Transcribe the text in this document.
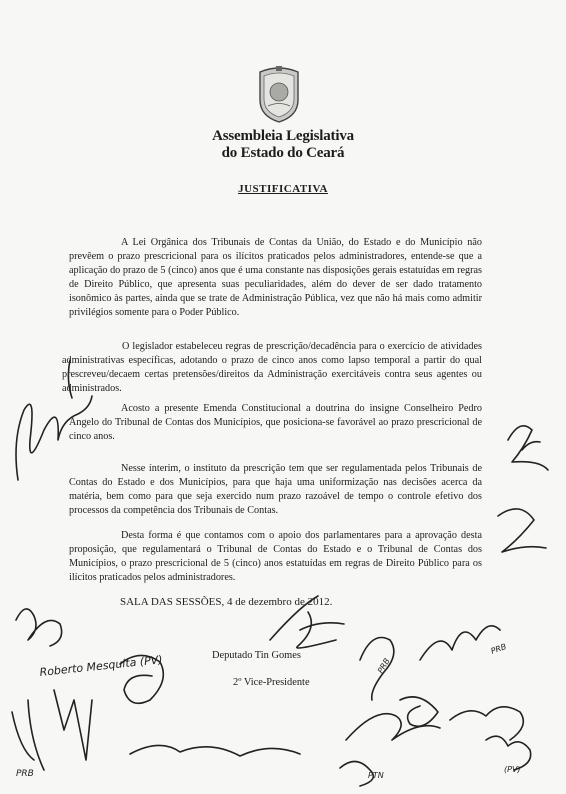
Assembleia Legislativa
do Estado do Ceará
JUSTIFICATIVA

A Lei Orgânica dos Tribunais de Contas da União, do Estado e do Município não prevêem o prazo prescricional para os ilícitos praticados pelos administradores, entende-se que a aplicação do prazo de 5 (cinco) anos que é uma constante nas disposições gerais estatuídas em regras de Direito Público, que apresenta suas peculiaridades, além do dever de ser dado tratamento isonômico às partes, ainda que se trate de Administração Pública, vez que não há mais como admitir privilégios somente para o Poder Público.

O legislador estabeleceu regras de prescrição/decadência para o exercício de atividades administrativas específicas, adotando o prazo de cinco anos como lapso temporal a partir do qual prescreveu/decaem certas pretensões/direitos da Administração exercitáveis contra seus agentes ou administrados.

Acosto a presente Emenda Constitucional a doutrina do insigne Conselheiro Pedro Ângelo do Tribunal de Contas dos Municípios, que posiciona-se favorável ao prazo prescricional de cinco anos.

Nesse ínterim, o instituto da prescrição tem que ser regulamentada pelos Tribunais de Contas do Estado e dos Municípios, para que haja uma uniformização nas decisões acerca da matéria, bem como para que seja exercido num prazo razoável de tempo o controle efetivo dos processos da competência dos Tribunais de Contas.

Desta forma é que contamos com o apoio dos parlamentares para a aprovação desta proposição, que regulamentará o Tribunal de Contas do Estado e o Tribunal de Contas dos Municípios, o prazo prescricional de 5 (cinco) anos estatuídas em regras de Direito Público para os ilícitos praticados pelos administradores.

SALA DAS SESSÕES, 4 de dezembro de 2012.
Deputado Tin Gomes
2º Vice-Presidente
Roberto Mesquita (PV)
PRB
PRB
PTN
(PV)
PRB
